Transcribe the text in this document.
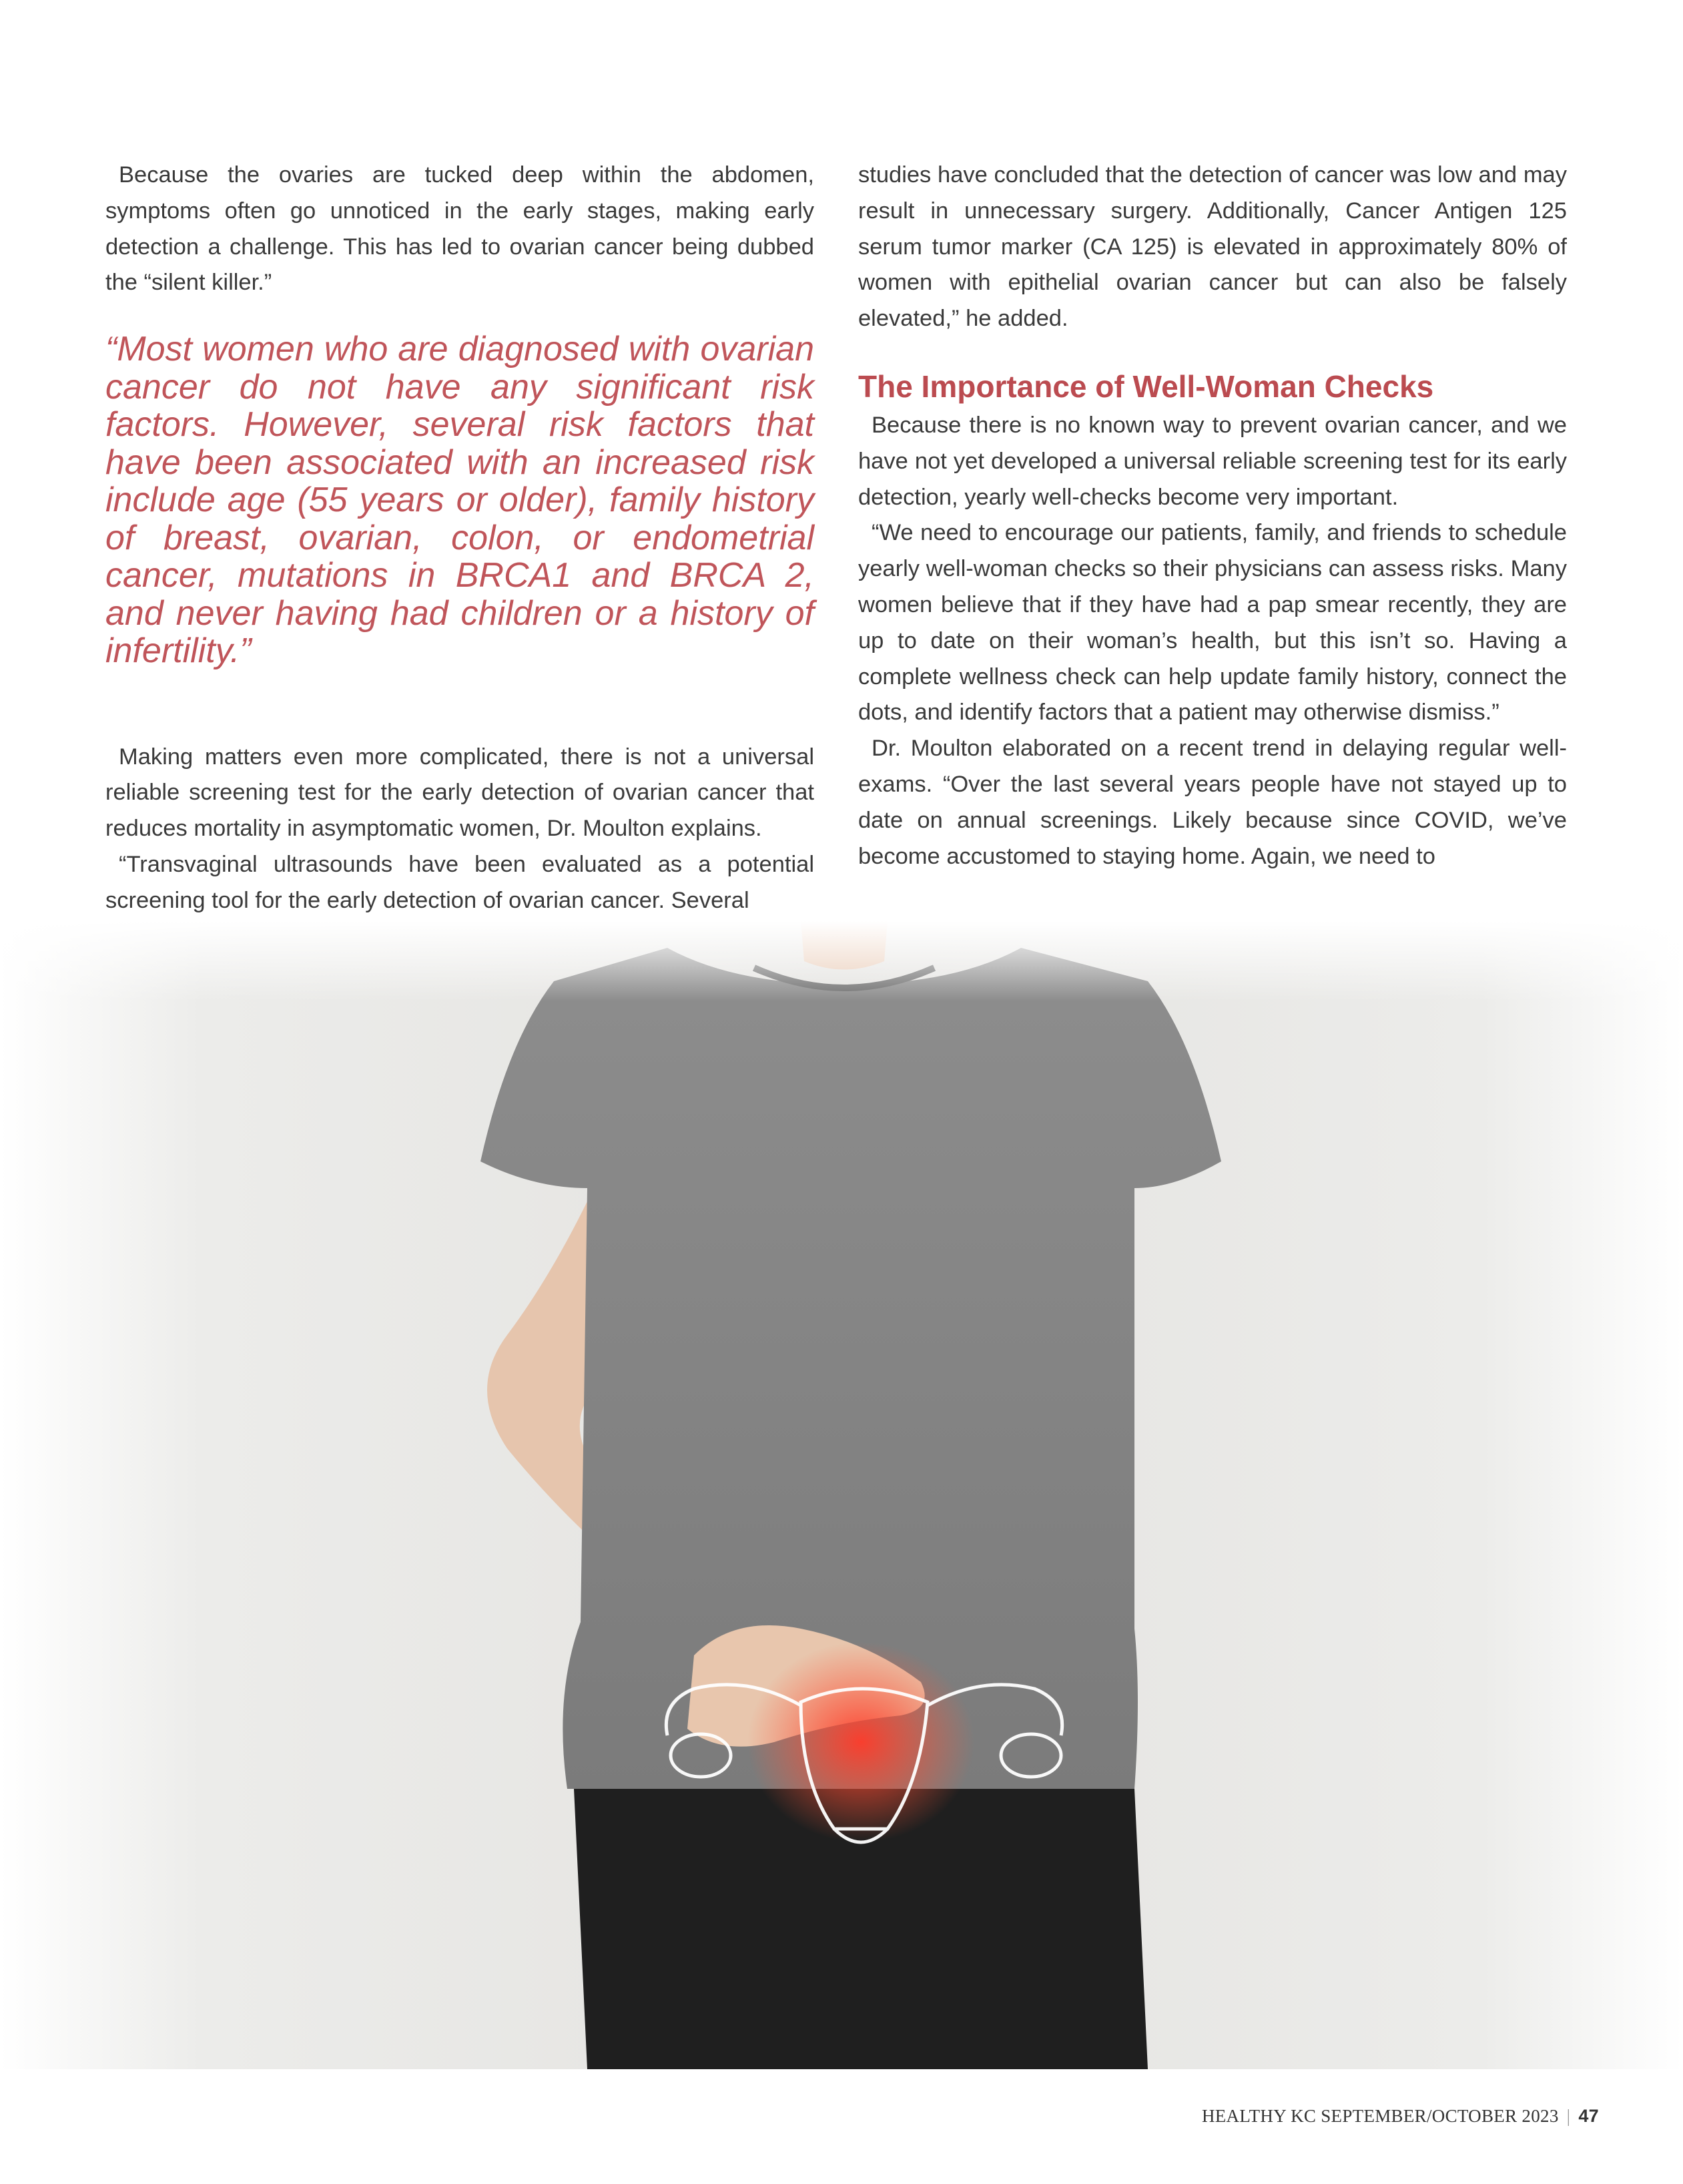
Because the ovaries are tucked deep within the abdomen, symptoms often go unnoticed in the early stages, making early detection a challenge. This has led to ovarian cancer being dubbed the “silent killer.”

“Most women who are diagnosed with ovarian cancer do not have any significant risk factors. However, several risk factors that have been associated with an increased risk include age (55 years or older), family history of breast, ovarian, colon, or endometrial cancer, mutations in BRCA1 and BRCA 2, and never having had children or a history of infertility.”

Making matters even more complicated, there is not a universal reliable screening test for the early detection of ovarian cancer that reduces mortality in asymptomatic women, Dr. Moulton explains.

“Transvaginal ultrasounds have been evaluated as a potential screening tool for the early detection of ovarian cancer. Several

studies have concluded that the detection of cancer was low and may result in unnecessary surgery. Additionally, Cancer Antigen 125 serum tumor marker (CA 125) is elevated in approximately 80% of women with epithelial ovarian cancer but can also be falsely elevated,” he added.

The Importance of Well-Woman Checks

Because there is no known way to prevent ovarian cancer, and we have not yet developed a universal reliable screening test for its early detection, yearly well-checks become very important.

“We need to encourage our patients, family, and friends to schedule yearly well-woman checks so their physicians can assess risks. Many women believe that if they have had a pap smear recently, they are up to date on their woman’s health, but this isn’t so. Having a complete wellness check can help update family history, connect the dots, and identify factors that a patient may otherwise dismiss.”

Dr. Moulton elaborated on a recent trend in delaying regular well-exams. “Over the last several years people have not stayed up to date on annual screenings. Likely because since COVID, we’ve become accustomed to staying home. Again, we need to

HEALTHY KC SEPTEMBER/OCTOBER 2023 | 47
